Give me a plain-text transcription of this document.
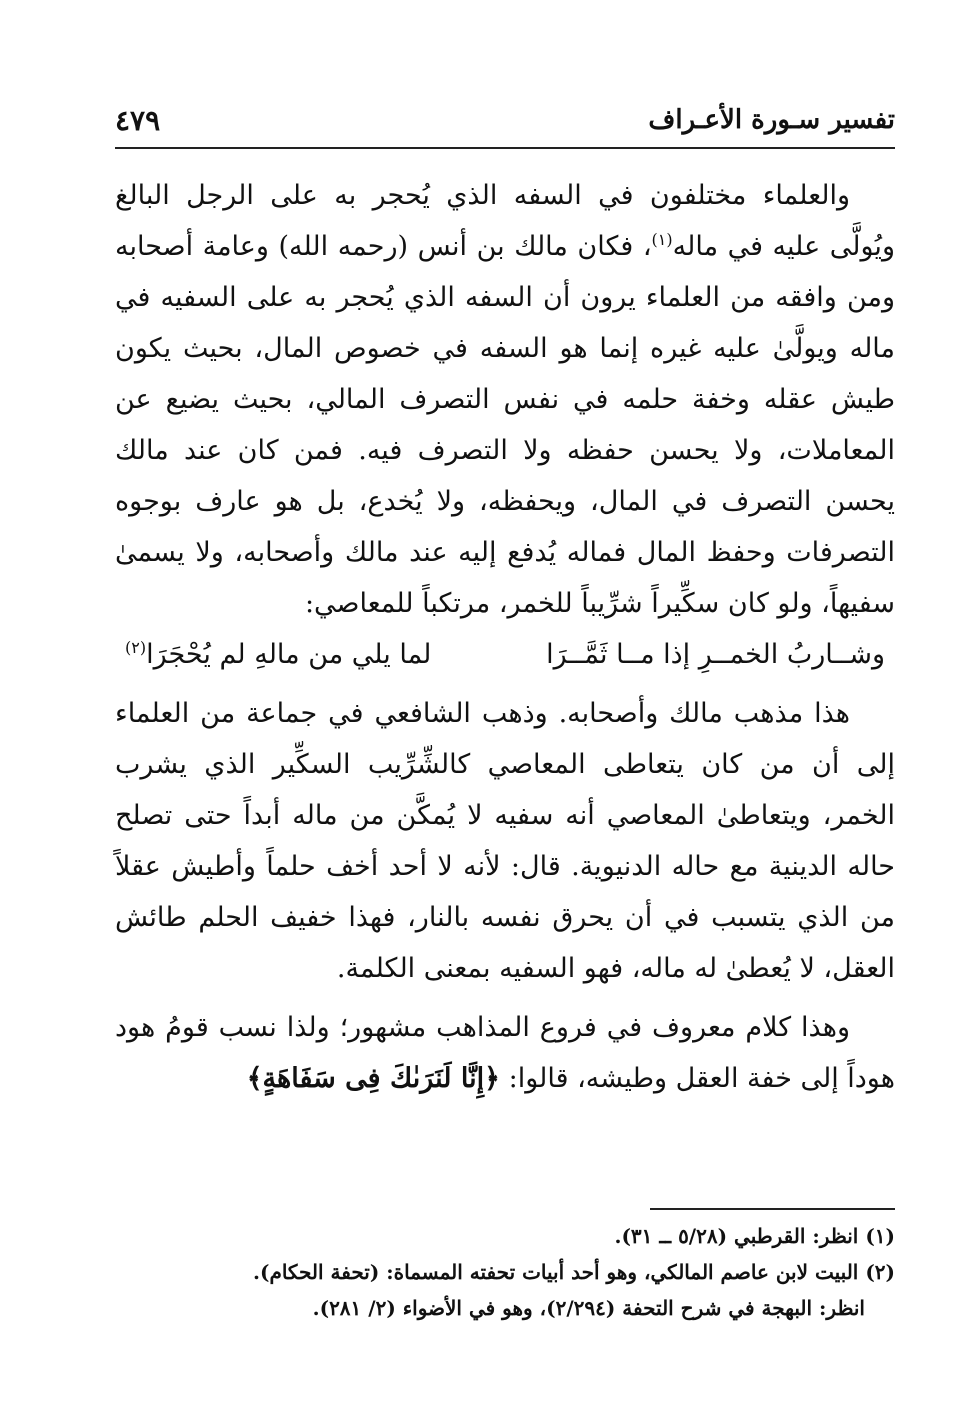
٤٧٩	تفسير سـورة الأعـراف

والعلماء مختلفون في السفه الذي يُحجر به على الرجل البالغ ويُولَّى عليه في ماله$^{(١)}$، فكان مالك بن أنس (رحمه الله) وعامة أصحابه ومن وافقه من العلماء يرون أن السفه الذي يُحجر به على السفيه في ماله ويولَّىٰ عليه غيره إنما هو السفه في خصوص المال، بحيث يكون طيش عقله وخفة حلمه في نفس التصرف المالي، بحيث يضيع عن المعاملات، ولا يحسن حفظه ولا التصرف فيه. فمن كان عند مالك يحسن التصرف في المال، ويحفظه، ولا يُخدع، بل هو عارف بوجوه التصرفات وحفظ المال فماله يُدفع إليه عند مالك وأصحابه، ولا يسمىٰ سفيهاً، ولو كان سكِّيراً شرِّيباً للخمر، مرتكباً للمعاصي:

وشــاربُ الخمــرِ إذا مــا ثَمَّــرَا
لما يلي من مالهِ لم يُحْجَرَا$^{(٢)}$

هذا مذهب مالك وأصحابه. وذهب الشافعي في جماعة من العلماء إلى أن من كان يتعاطى المعاصي كالشِّرِّيب السكِّير الذي يشرب الخمر، ويتعاطىٰ المعاصي أنه سفيه لا يُمكَّن من ماله أبداً حتى تصلح حاله الدينية مع حاله الدنيوية. قال: لأنه لا أحد أخف حلماً وأطيش عقلاً من الذي يتسبب في أن يحرق نفسه بالنار، فهذا خفيف الحلم طائش العقل، لا يُعطىٰ له ماله، فهو السفيه بمعنى الكلمة.

وهذا كلام معروف في فروع المذاهب مشهور؛ ولذا نسب قومُ هود هوداً إلى خفة العقل وطيشه، قالوا: ﴿إِنَّا لَنَرَىٰكَ فِى سَفَاهَةٍ﴾

(١) انظر: القرطبي (٥/٢٨ ــ ٣١).
(٢) البيت لابن عاصم المالكي، وهو أحد أبيات تحفته المسماة: (تحفة الحكام).
انظر: البهجة في شرح التحفة (٢/٢٩٤)، وهو في الأضواء (٢/ ٢٨١).
